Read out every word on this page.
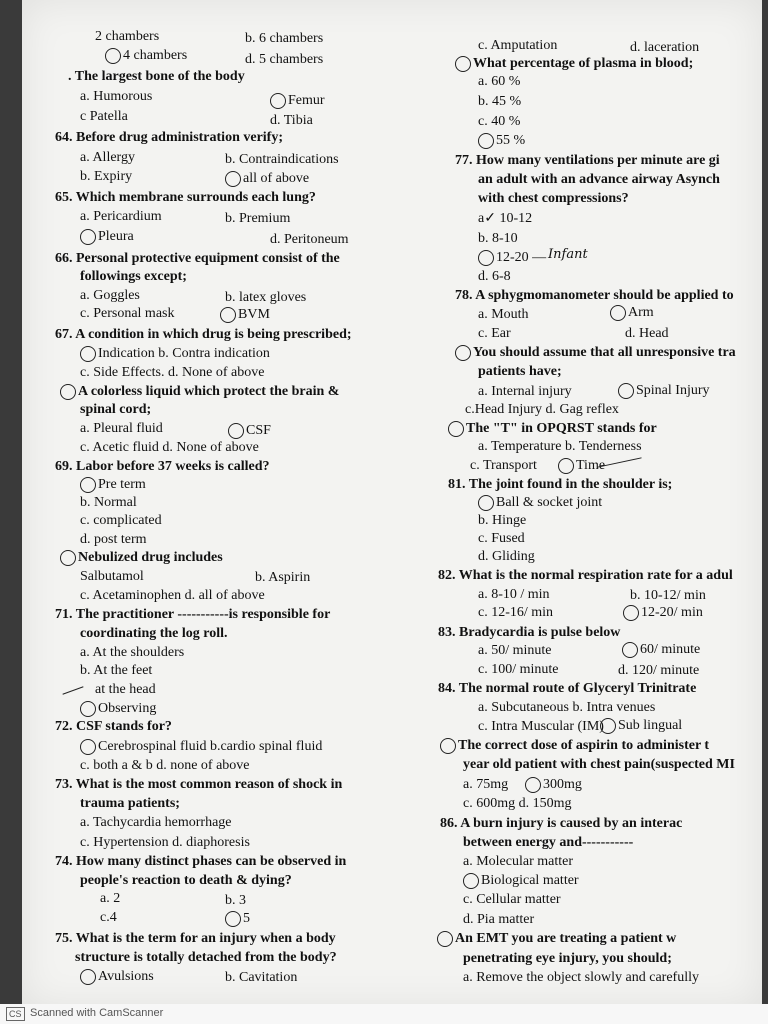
2 chambers	b. 6 chambers
4 chambers	d. 5 chambers
. The largest bone of the body
a. Humorous	Femur
c Patella	d. Tibia
64. Before drug administration verify;
a. Allergy	b. Contraindications
b. Expiry	all of above
65. Which membrane surrounds each lung?
a. Pericardium	b. Premium
Pleura	d. Peritoneum
66. Personal protective equipment consist of the
followings except;
a. Goggles	b. latex gloves
c. Personal mask	BVM
67. A condition in which drug is being prescribed;
Indication b. Contra indication
c. Side Effects. d. None of above
A colorless liquid which protect the brain &
spinal cord;
a. Pleural fluid	CSF
c. Acetic fluid d. None of above
69. Labor before 37 weeks is called?
Pre term
b. Normal
c. complicated
d. post term
Nebulized drug includes
Salbutamol	b. Aspirin
c. Acetaminophen d. all of above
71. The practitioner -----------is responsible for
coordinating the log roll.
a. At the shoulders
b. At the feet
at the head
Observing
72. CSF stands for?
Cerebrospinal fluid b.cardio spinal fluid
c. both a & b d. none of above
73. What is the most common reason of shock in
trauma patients;
a. Tachycardia hemorrhage
c. Hypertension d. diaphoresis
74. How many distinct phases can be observed in
people's reaction to death & dying?
a. 2	b. 3
c.4	5
75. What is the term for an injury when a body
structure is totally detached from the body?
Avulsions	b. Cavitation
c. Amputation	d. laceration
What percentage of plasma in blood;
a. 60 %
b. 45 %
c. 40 %
55 %
77. How many ventilations per minute are gi
an adult with an advance airway Asynch
with chest compressions?
a✓ 10-12
b. 8-10
12-20 —
d. 6-8
78. A sphygmomanometer should be applied to
a. Mouth	Arm
c. Ear	d. Head
You should assume that all unresponsive tra
patients have;
a. Internal injury	Spinal Injury
c.Head Injury d. Gag reflex
The "T" in OPQRST stands for
a. Temperature b. Tenderness
c. Transport	Time
81. The joint found in the shoulder is;
Ball & socket joint
b. Hinge
c. Fused
d. Gliding
82. What is the normal respiration rate for a adul
a. 8-10 / min	b. 10-12/ min
c. 12-16/ min	12-20/ min
83. Bradycardia is pulse below
a. 50/ minute	60/ minute
c. 100/ minute	d. 120/ minute
84. The normal route of Glyceryl Trinitrate
a. Subcutaneous b. Intra venues
c. Intra Muscular (IM)	Sub lingual
The correct dose of aspirin to administer t
year old patient with chest pain(suspected MI
a. 75mg	300mg
c. 600mg d. 150mg
86. A burn injury is caused by an interac
between energy and-----------
a. Molecular matter
Biological matter
c. Cellular matter
d. Pia matter
An EMT you are treating a patient w
penetrating eye injury, you should;
a. Remove the object slowly and carefully
Infant
CS Scanned with CamScanner
